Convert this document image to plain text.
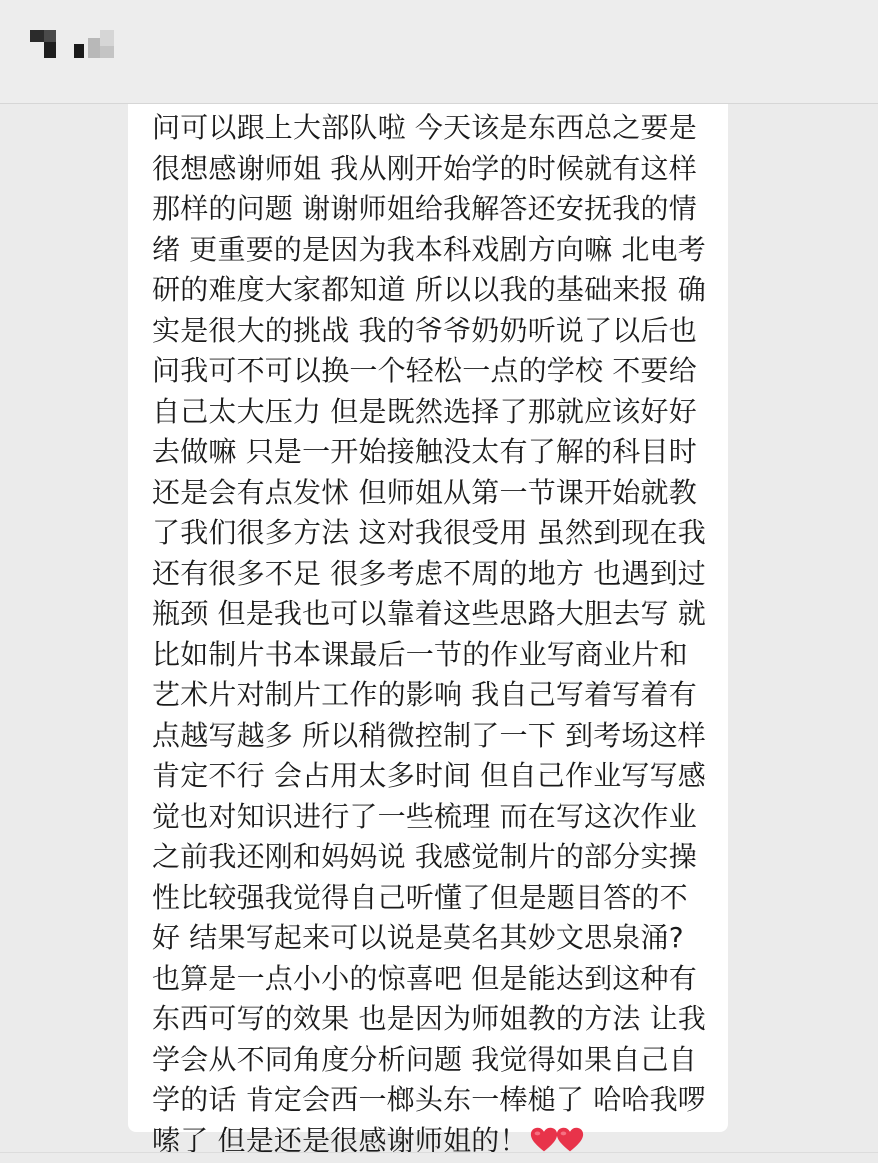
问可以跟上大部队啦 今天该是东西总之要是
很想感谢师姐 我从刚开始学的时候就有这样
那样的问题 谢谢师姐给我解答还安抚我的情
绪 更重要的是因为我本科戏剧方向嘛 北电考
研的难度大家都知道 所以以我的基础来报 确
实是很大的挑战 我的爷爷奶奶听说了以后也
问我可不可以换一个轻松一点的学校 不要给
自己太大压力 但是既然选择了那就应该好好
去做嘛 只是一开始接触没太有了解的科目时
还是会有点发怵 但师姐从第一节课开始就教
了我们很多方法 这对我很受用 虽然到现在我
还有很多不足 很多考虑不周的地方 也遇到过
瓶颈 但是我也可以靠着这些思路大胆去写 就
比如制片书本课最后一节的作业写商业片和
艺术片对制片工作的影响 我自己写着写着有
点越写越多 所以稍微控制了一下 到考场这样
肯定不行 会占用太多时间 但自己作业写写感
觉也对知识进行了一些梳理 而在写这次作业
之前我还刚和妈妈说 我感觉制片的部分实操
性比较强我觉得自己听懂了但是题目答的不
好 结果写起来可以说是莫名其妙文思泉涌?
也算是一点小小的惊喜吧 但是能达到这种有
东西可写的效果 也是因为师姐教的方法 让我
学会从不同角度分析问题 我觉得如果自己自
学的话 肯定会西一榔头东一棒槌了 哈哈我啰
嗦了 但是还是很感谢师姐的！
